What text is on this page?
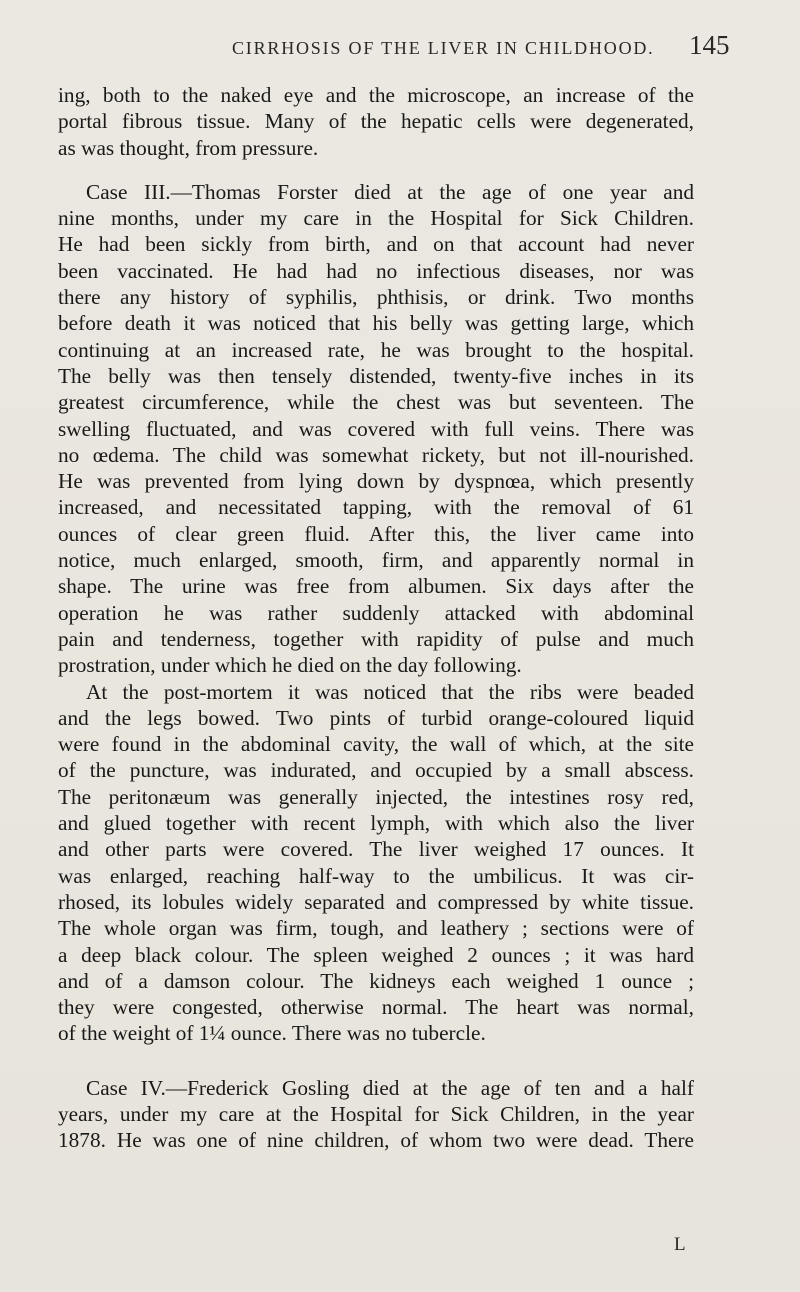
CIRRHOSIS OF THE LIVER IN CHILDHOOD. 145
ing, both to the naked eye and the microscope, an increase of the
portal fibrous tissue. Many of the hepatic cells were degenerated,
as was thought, from pressure.
Case III.—Thomas Forster died at the age of one year and
nine months, under my care in the Hospital for Sick Children.
He had been sickly from birth, and on that account had never
been vaccinated. He had had no infectious diseases, nor was
there any history of syphilis, phthisis, or drink. Two months
before death it was noticed that his belly was getting large, which
continuing at an increased rate, he was brought to the hospital.
The belly was then tensely distended, twenty-five inches in its
greatest circumference, while the chest was but seventeen. The
swelling fluctuated, and was covered with full veins. There was
no œdema. The child was somewhat rickety, but not ill-nourished.
He was prevented from lying down by dyspnœa, which presently
increased, and necessitated tapping, with the removal of 61
ounces of clear green fluid. After this, the liver came into
notice, much enlarged, smooth, firm, and apparently normal in
shape. The urine was free from albumen. Six days after the
operation he was rather suddenly attacked with abdominal
pain and tenderness, together with rapidity of pulse and much
prostration, under which he died on the day following.
At the post-mortem it was noticed that the ribs were beaded
and the legs bowed. Two pints of turbid orange-coloured liquid
were found in the abdominal cavity, the wall of which, at the site
of the puncture, was indurated, and occupied by a small abscess.
The peritonæum was generally injected, the intestines rosy red,
and glued together with recent lymph, with which also the liver
and other parts were covered. The liver weighed 17 ounces. It
was enlarged, reaching half-way to the umbilicus. It was cir-
rhosed, its lobules widely separated and compressed by white tissue.
The whole organ was firm, tough, and leathery ; sections were of
a deep black colour. The spleen weighed 2 ounces ; it was hard
and of a damson colour. The kidneys each weighed 1 ounce ;
they were congested, otherwise normal. The heart was normal,
of the weight of 1¼ ounce. There was no tubercle.
Case IV.—Frederick Gosling died at the age of ten and a half
years, under my care at the Hospital for Sick Children, in the year
1878. He was one of nine children, of whom two were dead. There
L
